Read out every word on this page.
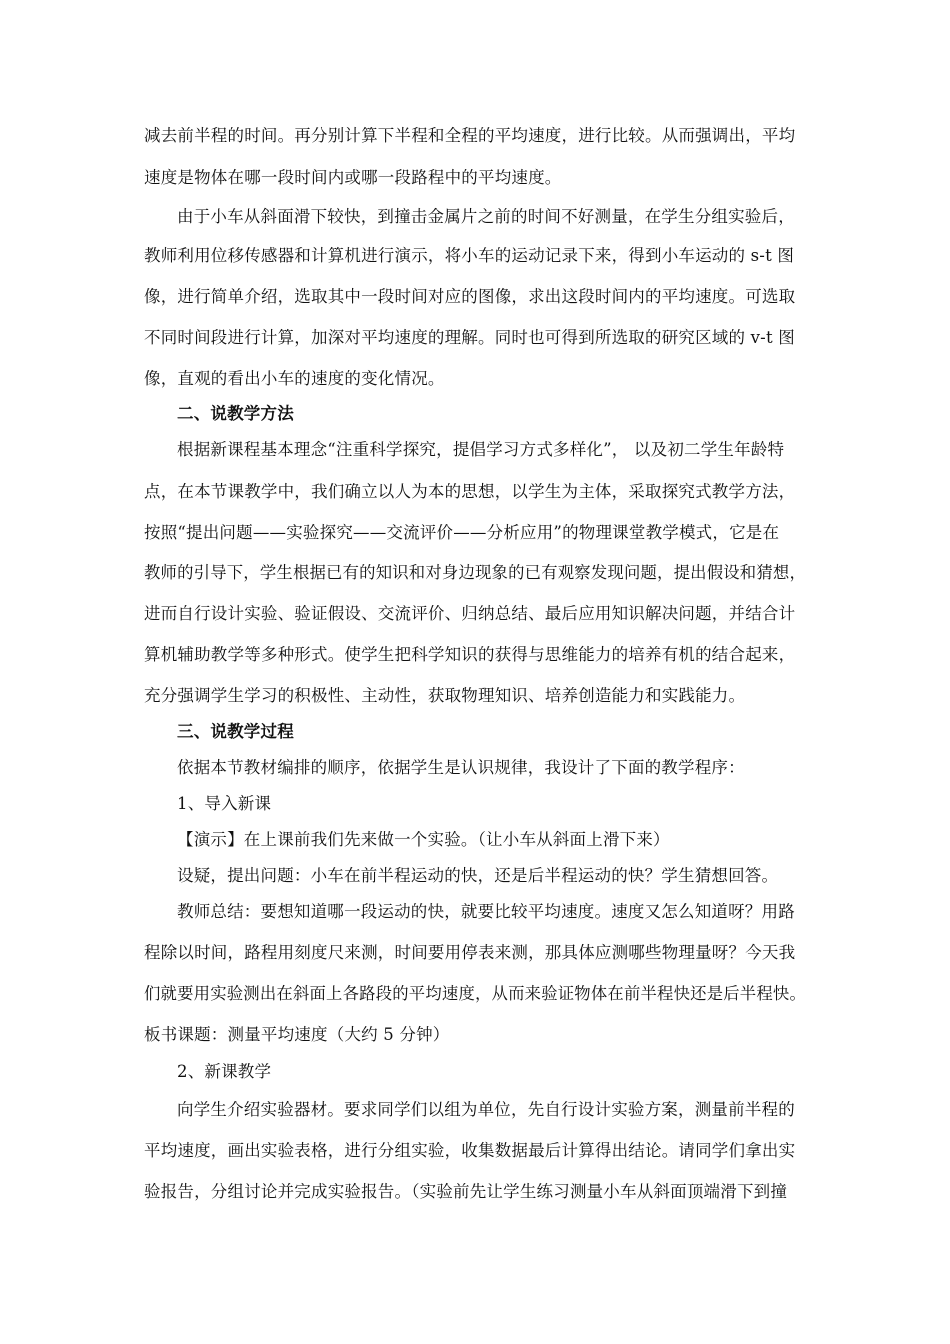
减去前半程的时间。再分别计算下半程和全程的平均速度，进行比较。从而强调出，平均
速度是物体在哪一段时间内或哪一段路程中的平均速度。
由于小车从斜面滑下较快，到撞击金属片之前的时间不好测量，在学生分组实验后，
教师利用位移传感器和计算机进行演示，将小车的运动记录下来，得到小车运动的 s-t 图
像，进行简单介绍，选取其中一段时间对应的图像，求出这段时间内的平均速度。可选取
不同时间段进行计算，加深对平均速度的理解。同时也可得到所选取的研究区域的 v-t 图
像，直观的看出小车的速度的变化情况。
二、说教学方法
根据新课程基本理念“注重科学探究，提倡学习方式多样化”， 以及初二学生年龄特
点，在本节课教学中，我们确立以人为本的思想，以学生为主体，采取探究式教学方法，
按照“提出问题——实验探究——交流评价——分析应用”的物理课堂教学模式，它是在
教师的引导下，学生根据已有的知识和对身边现象的已有观察发现问题，提出假设和猜想，
进而自行设计实验、验证假设、交流评价、归纳总结、最后应用知识解决问题，并结合计
算机辅助教学等多种形式。使学生把科学知识的获得与思维能力的培养有机的结合起来，
充分强调学生学习的积极性、主动性，获取物理知识、培养创造能力和实践能力。
三、说教学过程
依据本节教材编排的顺序，依据学生是认识规律，我设计了下面的教学程序：
1、导入新课
【演示】在上课前我们先来做一个实验。（让小车从斜面上滑下来）
设疑，提出问题：小车在前半程运动的快，还是后半程运动的快？学生猜想回答。
教师总结：要想知道哪一段运动的快，就要比较平均速度。速度又怎么知道呀？用路
程除以时间，路程用刻度尺来测，时间要用停表来测，那具体应测哪些物理量呀？今天我
们就要用实验测出在斜面上各路段的平均速度，从而来验证物体在前半程快还是后半程快。
板书课题：测量平均速度（大约 5 分钟）
2、新课教学
向学生介绍实验器材。要求同学们以组为单位，先自行设计实验方案，测量前半程的
平均速度，画出实验表格，进行分组实验，收集数据最后计算得出结论。请同学们拿出实
验报告，分组讨论并完成实验报告。（实验前先让学生练习测量小车从斜面顶端滑下到撞
